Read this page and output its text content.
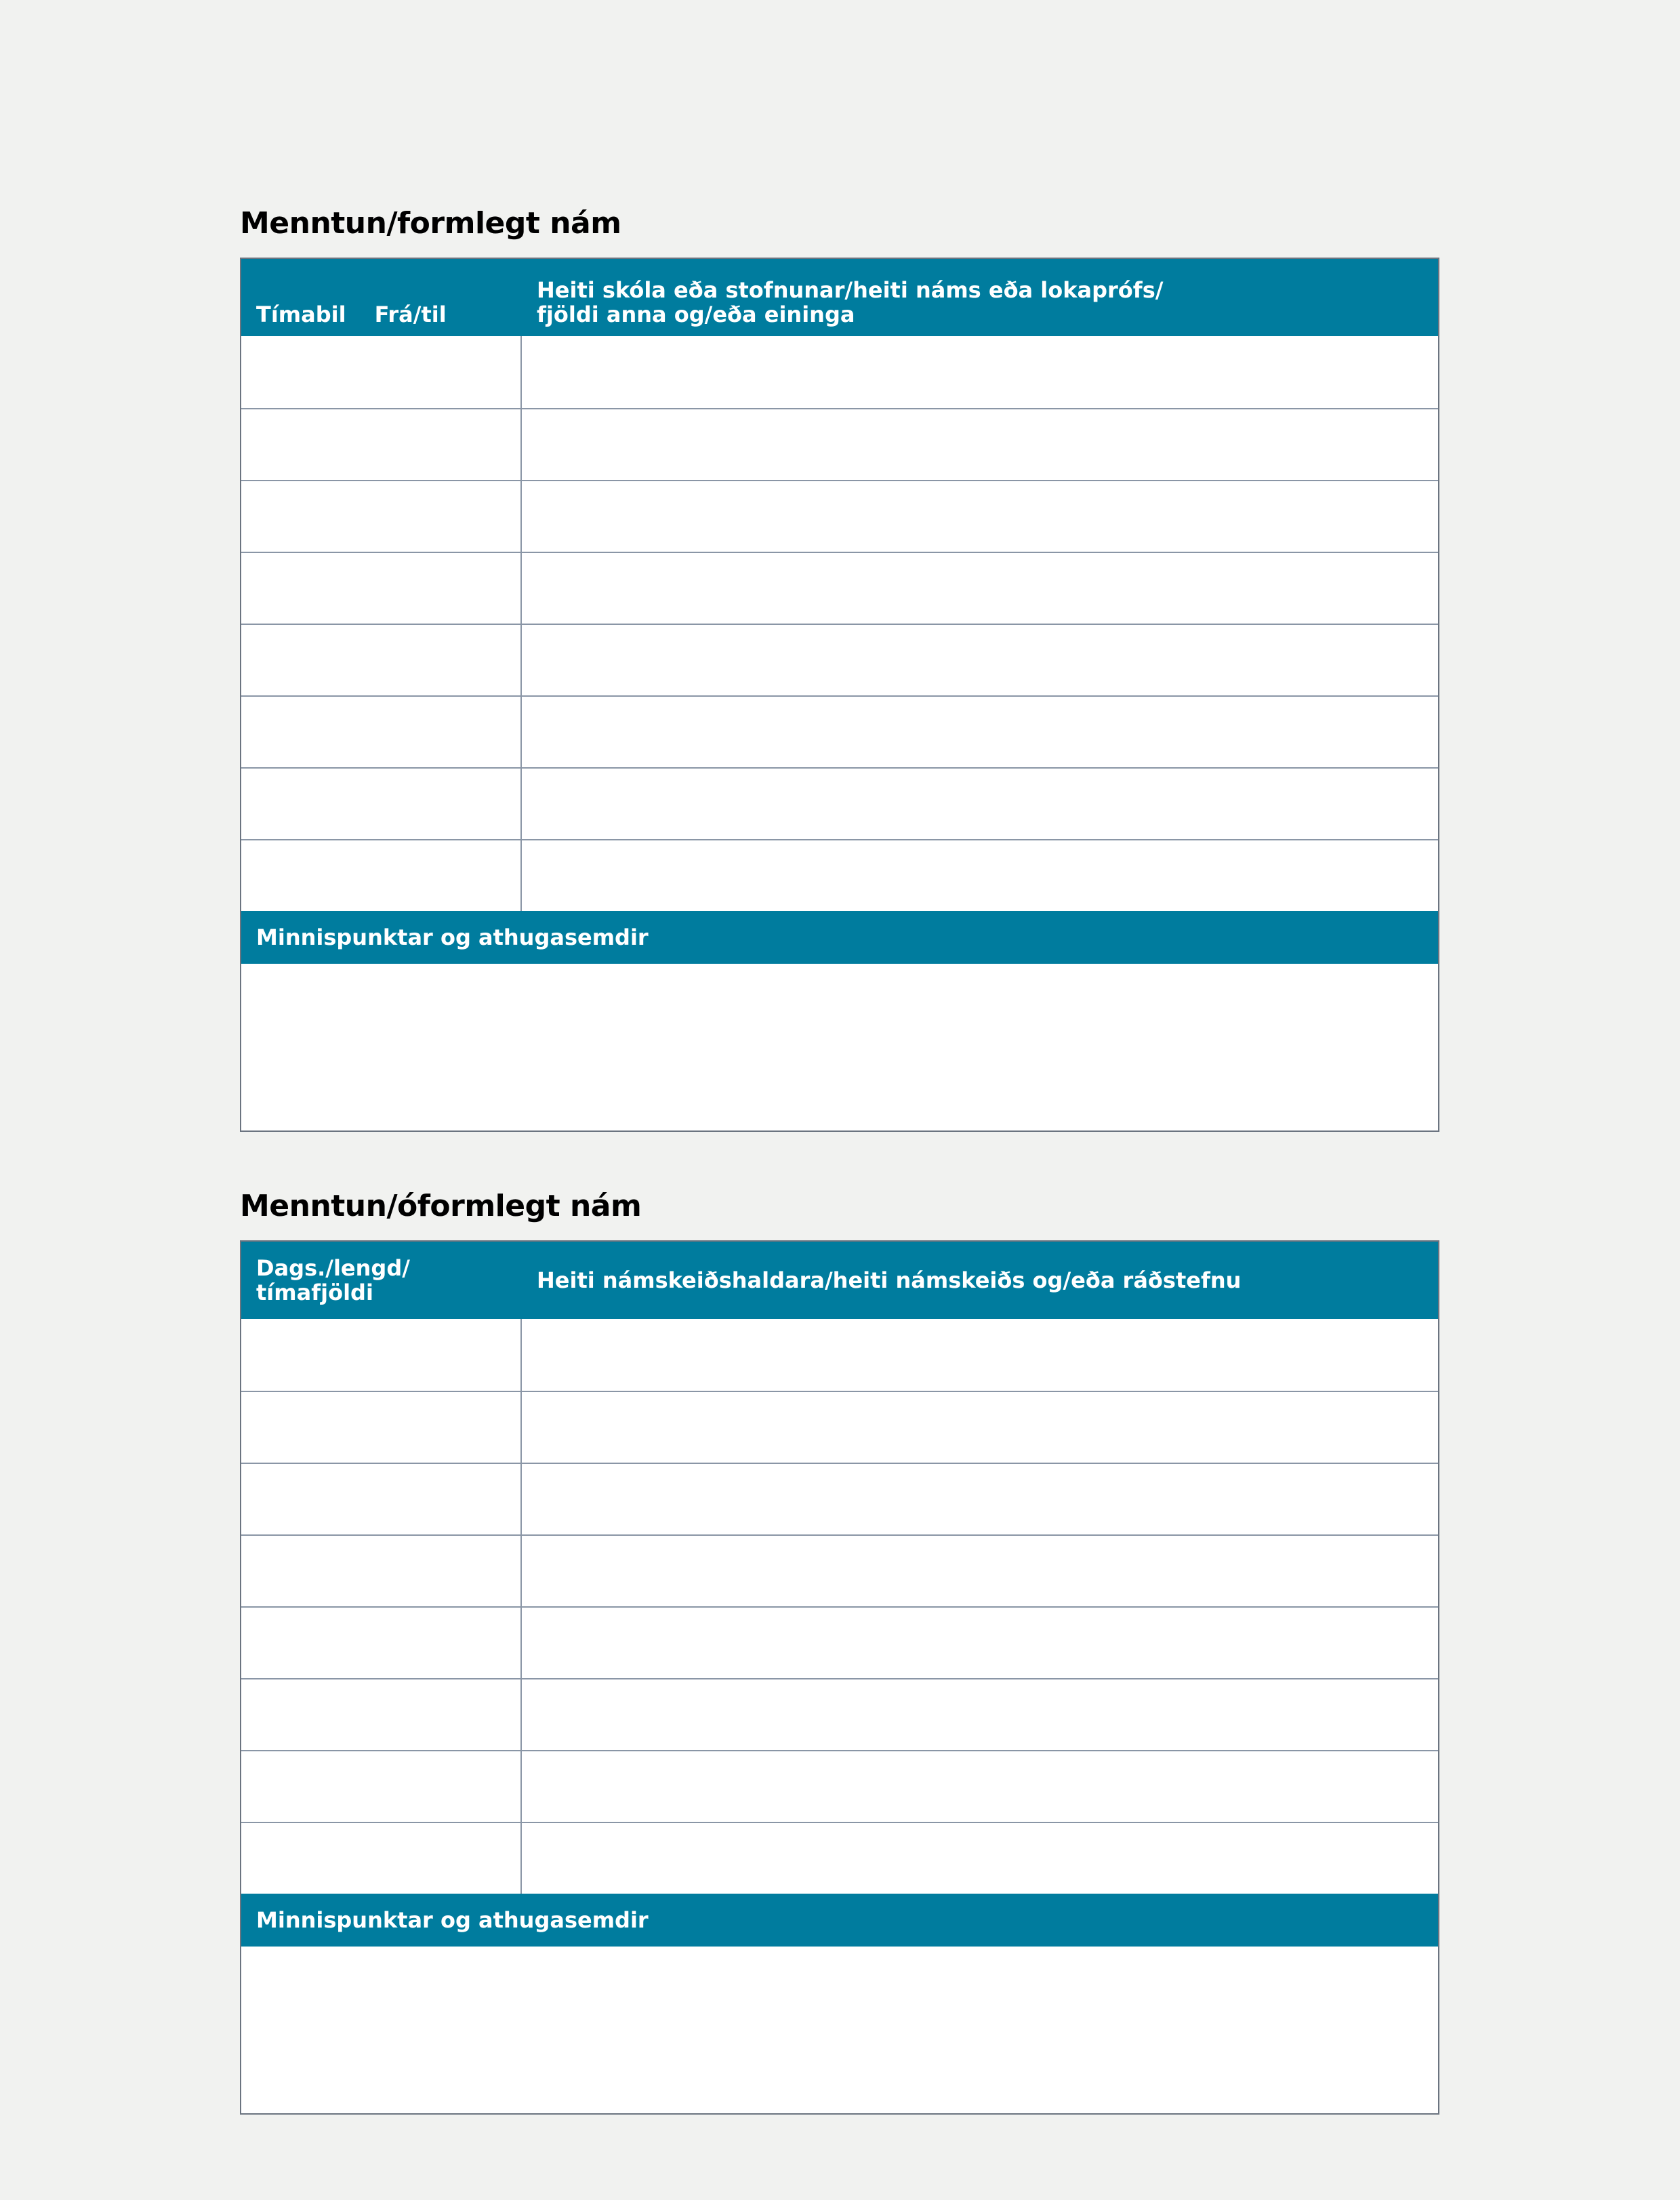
Menntun/formlegt nám
Tímabil Frá/til
Heiti skóla eða stofnunar/heiti náms eða lokaprófs/
fjöldi anna og/eða eininga
Minnispunktar og athugasemdir
Menntun/óformlegt nám
Dags./lengd/
tímafjöldi	Heiti námskeiðshaldara/heiti námskeiðs og/eða ráðstefnu
Minnispunktar og athugasemdir
